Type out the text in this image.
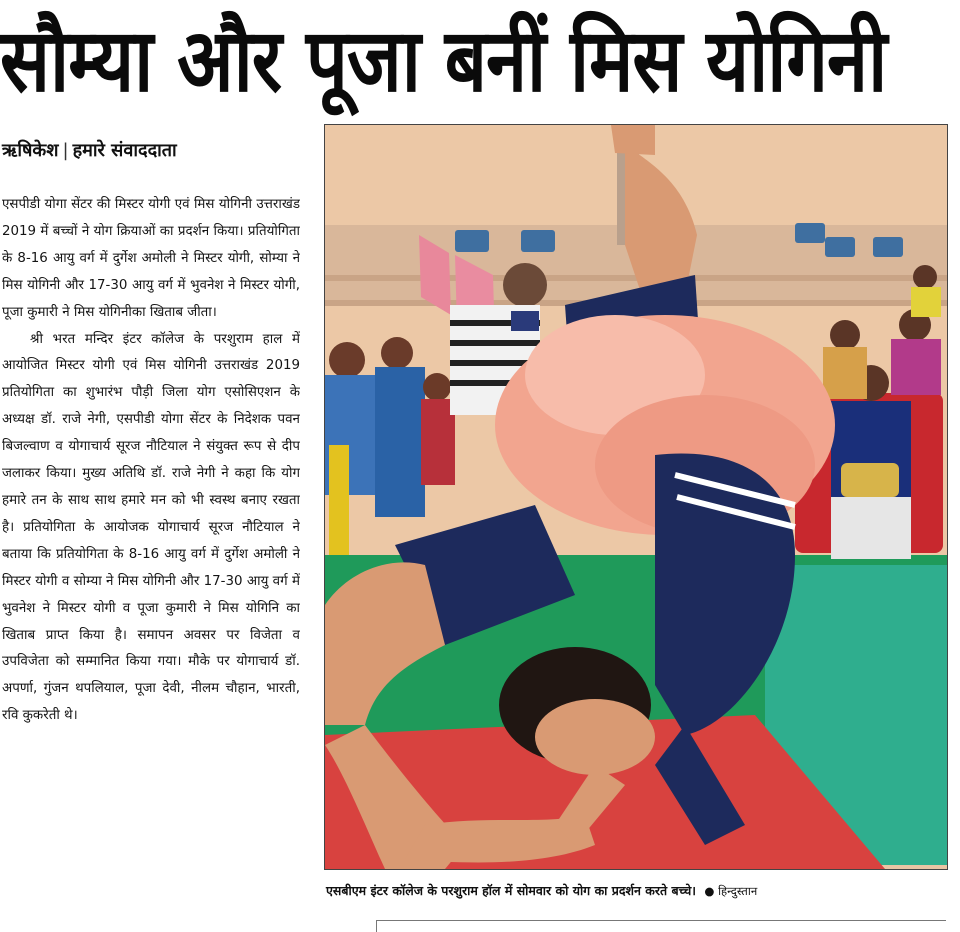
सौम्या और पूजा बनीं मिस योगिनी
ऋषिकेश | हमारे संवाददाता

एसपीडी योगा सेंटर की मिस्टर योगी एवं मिस योगिनी उत्तराखंड 2019 में बच्चों ने योग क्रियाओं का प्रदर्शन किया। प्रतियोगिता के 8-16 आयु वर्ग में दुर्गेश अमोली ने मिस्टर योगी, सोम्या ने मिस योगिनी और 17-30 आयु वर्ग में भुवनेश ने मिस्टर योगी, पूजा कुमारी ने मिस योगिनीका खिताब जीता।

श्री भरत मन्दिर इंटर कॉलेज के परशुराम हाल में आयोजित मिस्टर योगी एवं मिस योगिनी उत्तराखंड 2019 प्रतियोगिता का शुभारंभ पौड़ी जिला योग एसोसिएशन के अध्यक्ष डॉ. राजे नेगी, एसपीडी योगा सेंटर के निदेशक पवन बिजल्वाण व योगाचार्य सूरज नौटियाल ने संयुक्त रूप से दीप जलाकर किया। मुख्य अतिथि डॉ. राजे नेगी ने कहा कि योग हमारे तन के साथ साथ हमारे मन को भी स्वस्थ बनाए रखता है। प्रतियोगिता के आयोजक योगाचार्य सूरज नौटियाल ने बताया कि प्रतियोगिता के 8-16 आयु वर्ग में दुर्गेश अमोली ने मिस्टर योगी व सोम्या ने मिस योगिनी और 17-30 आयु वर्ग में भुवनेश ने मिस्टर योगी व पूजा कुमारी ने मिस योगिनि का खिताब प्राप्त किया है। समापन अवसर पर विजेता व उपविजेता को सम्मानित किया गया। मौके पर योगाचार्य डॉ. अपर्णा, गुंजन थपलियाल, पूजा देवी, नीलम चौहान, भारती, रवि कुकरेती थे।

एसबीएम इंटर कॉलेज के परशुराम हॉल में सोमवार को योग का प्रदर्शन करते बच्चे। ● हिन्दुस्तान
